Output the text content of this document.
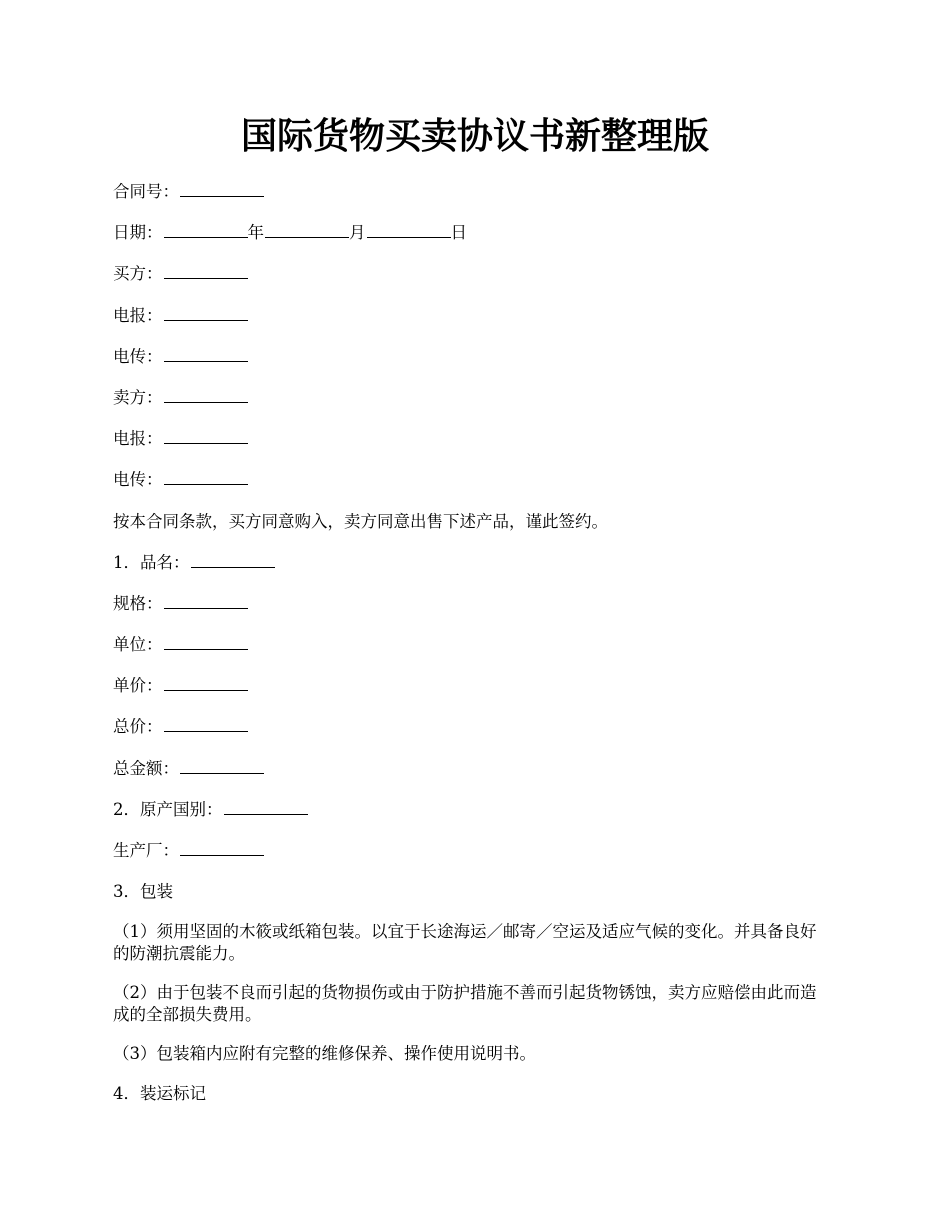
国际货物买卖协议书新整理版
合同号：
日期：	年	月	日
买方：
电报：
电传：
卖方：
电报：
电传：
按本合同条款，买方同意购入，卖方同意出售下述产品，谨此签约。
1．品名：
规格：
单位：
单价：
总价：
总金额：
2．原产国别：
生产厂：
3．包装
（1）须用坚固的木筱或纸箱包装。以宜于长途海运／邮寄／空运及适应气候的变化。并具备良好的防潮抗震能力。
（2）由于包装不良而引起的货物损伤或由于防护措施不善而引起货物锈蚀，卖方应赔偿由此而造成的全部损失费用。
（3）包装箱内应附有完整的维修保养、操作使用说明书。
4．装运标记
